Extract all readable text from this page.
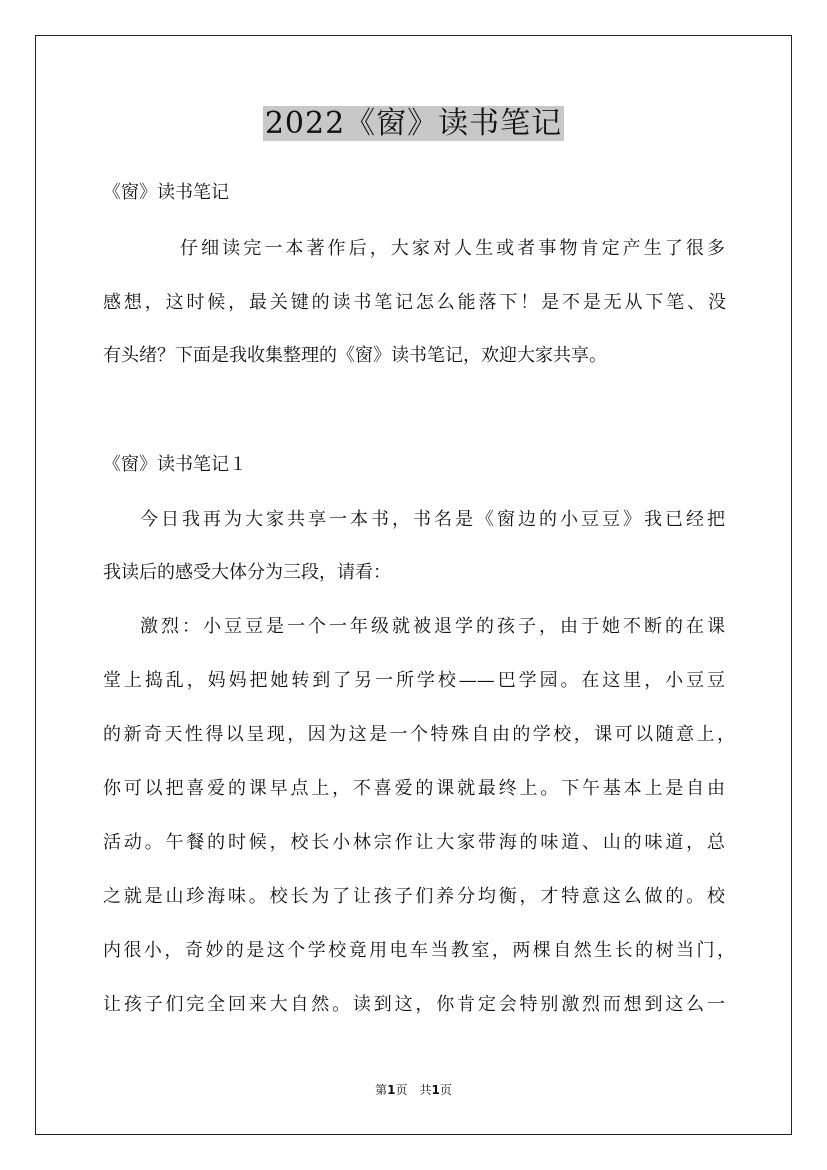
2022《窗》读书笔记

《窗》读书笔记

仔细读完一本著作后，大家对人生或者事物肯定产生了很多

感想，这时候，最关键的读书笔记怎么能落下！是不是无从下笔、没

有头绪？下面是我收集整理的《窗》读书笔记，欢迎大家共享。

《窗》读书笔记１

今日我再为大家共享一本书，书名是《窗边的小豆豆》我已经把

我读后的感受大体分为三段，请看：

激烈：小豆豆是一个一年级就被退学的孩子，由于她不断的在课

堂上捣乱，妈妈把她转到了另一所学校——巴学园。在这里，小豆豆

的新奇天性得以呈现，因为这是一个特殊自由的学校，课可以随意上，

你可以把喜爱的课早点上，不喜爱的课就最终上。下午基本上是自由

活动。午餐的时候，校长小林宗作让大家带海的味道、山的味道，总

之就是山珍海味。校长为了让孩子们养分均衡，才特意这么做的。校

内很小，奇妙的是这个学校竟用电车当教室，两棵自然生长的树当门，

让孩子们完全回来大自然。读到这，你肯定会特别激烈而想到这么一

第1页　共1页
